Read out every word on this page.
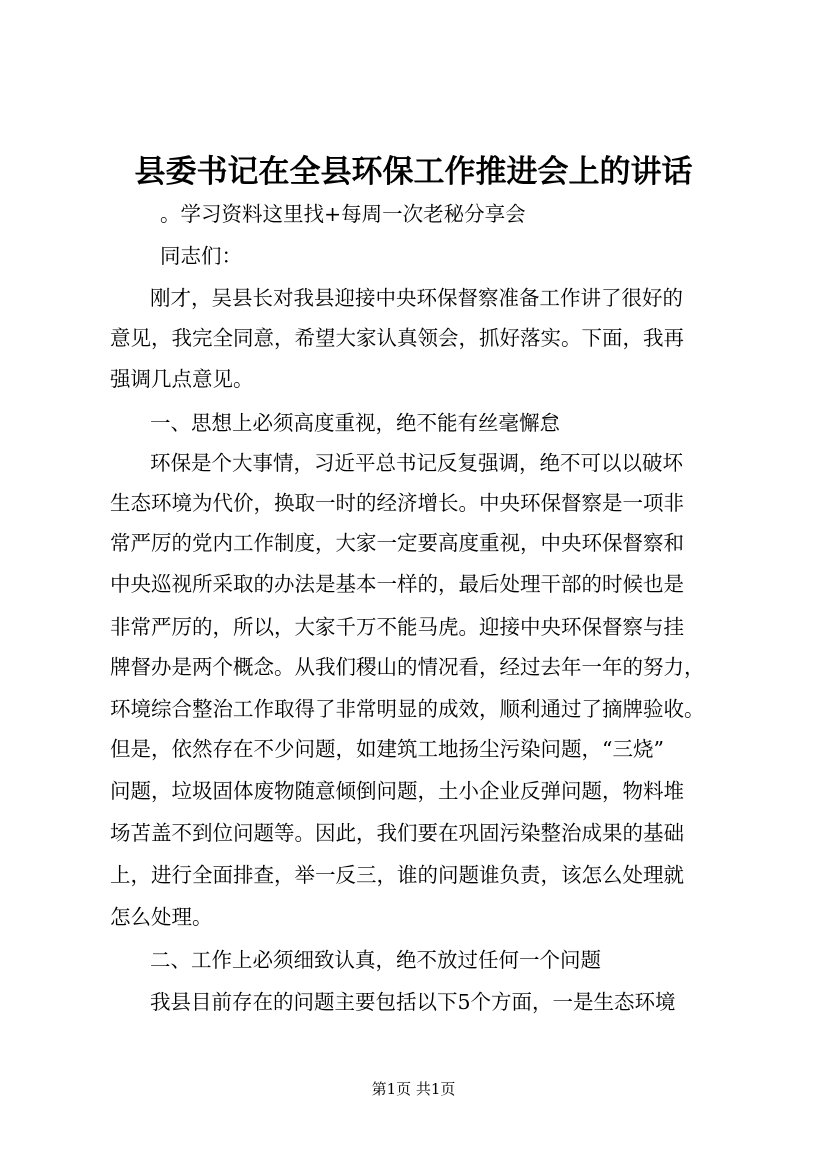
县委书记在全县环保工作推进会上的讲话
。学习资料这里找+每周一次老秘分享会
同志们：
刚才，吴县长对我县迎接中央环保督察准备工作讲了很好的
意见，我完全同意，希望大家认真领会，抓好落实。下面，我再
强调几点意见。
一、思想上必须高度重视，绝不能有丝毫懈怠
环保是个大事情，习近平总书记反复强调，绝不可以以破坏
生态环境为代价，换取一时的经济增长。中央环保督察是一项非
常严厉的党内工作制度，大家一定要高度重视，中央环保督察和
中央巡视所采取的办法是基本一样的，最后处理干部的时候也是
非常严厉的，所以，大家千万不能马虎。迎接中央环保督察与挂
牌督办是两个概念。从我们稷山的情况看，经过去年一年的努力，
环境综合整治工作取得了非常明显的成效，顺利通过了摘牌验收。
但是，依然存在不少问题，如建筑工地扬尘污染问题，“三烧”
问题，垃圾固体废物随意倾倒问题，土小企业反弹问题，物料堆
场苫盖不到位问题等。因此，我们要在巩固污染整治成果的基础
上，进行全面排查，举一反三，谁的问题谁负责，该怎么处理就
怎么处理。
二、工作上必须细致认真，绝不放过任何一个问题
我县目前存在的问题主要包括以下5个方面，一是生态环境
第1页 共1页
